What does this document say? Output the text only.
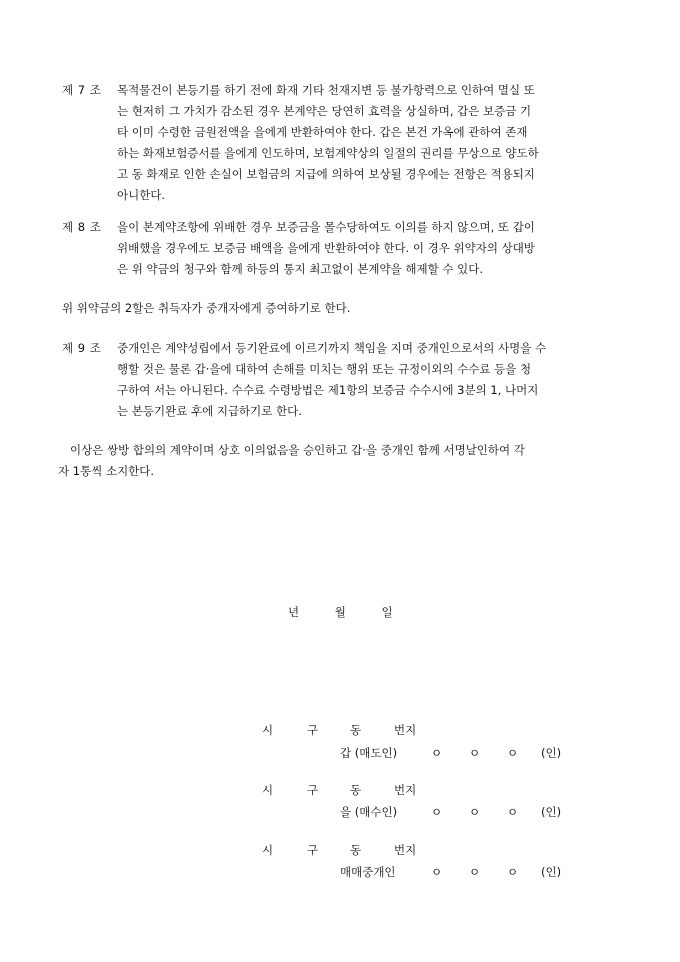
제 7 조	목적물건이 본등기를 하기 전에 화재 기타 천재지변 등 불가항력으로 인하여 멸실 또
는 현저히 그 가치가 감소된 경우 본계약은 당연히 효력을 상실하며, 갑은 보증금 기
타 이미 수령한 금원전액을 을에게 반환하여야 한다. 갑은 본건 가옥에 관하여 존재
하는 화재보험증서를 을에게 인도하며, 보험계약상의 일절의 권리를 무상으로 양도하
고 동 화재로 인한 손실이 보험금의 지급에 의하여 보상될 경우에는 전항은 적용되지
아니한다.
제 8 조	을이 본계약조항에 위배한 경우 보증금을 몰수당하여도 이의를 하지 않으며, 또 갑이
위배했을 경우에도 보증금 배액을 을에게 반환하여야 한다. 이 경우 위약자의 상대방
은 위 약금의 청구와 함께 하등의 통지 최고없이 본계약을 해제할 수 있다.
위 위약금의 2할은 취득자가 중개자에게 증여하기로 한다.
제 9 조	중개인은 계약성립에서 등기완료에 이르기까지 책임을 지며 중개인으로서의 사명을 수
행할 것은 물론 갑·을에 대하여 손해를 미치는 행위 또는 규정이외의 수수료 등을 청
구하여 서는 아니된다. 수수료 수령방법은 제1항의 보증금 수수시에 3분의 1, 나머지
는 본등기완료 후에 지급하기로 한다.
이상은 쌍방 합의의 계약이며 상호 이의없음을 승인하고 갑·을 중개인 함께 서명날인하여 각
자 1통씩 소지한다.
년	월	일
시	구	동	번지
갑 (매도인)	ㅇ ㅇ ㅇ (인)
시	구	동	번지
을 (매수인)	ㅇ ㅇ ㅇ (인)
시	구	동	번지
매매중개인	ㅇ ㅇ ㅇ (인)
